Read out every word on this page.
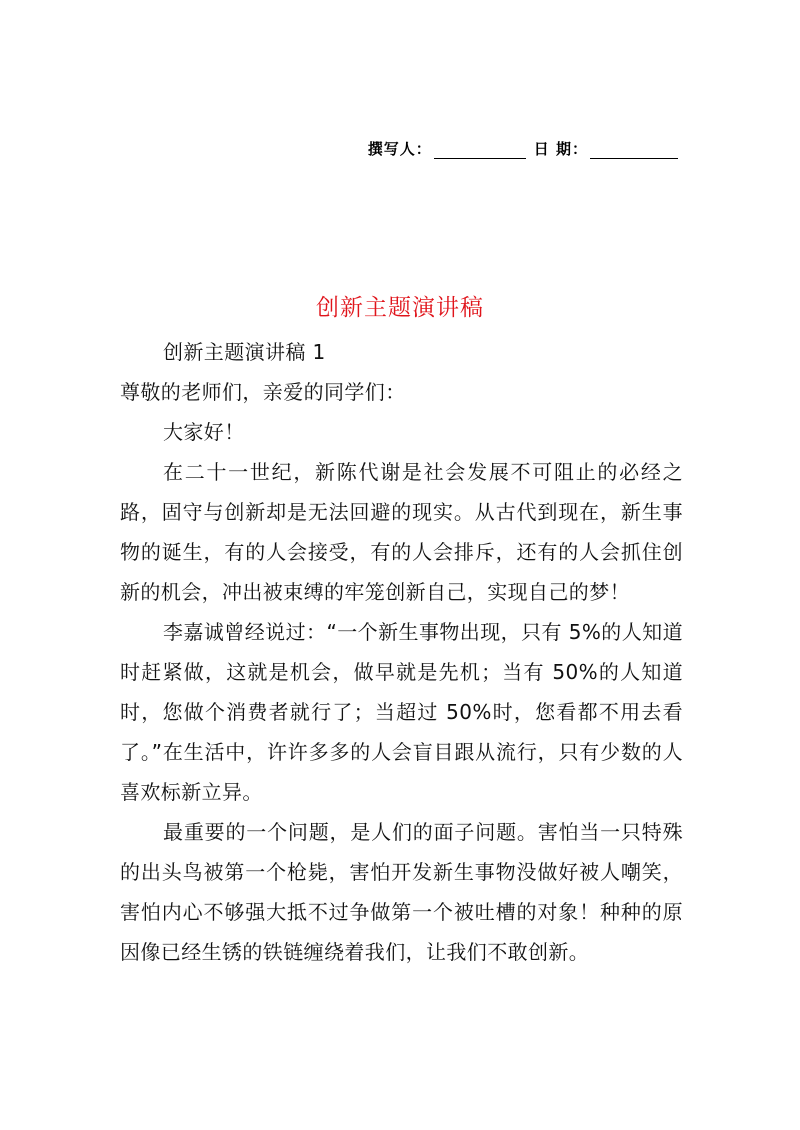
撰写人：	日 期：
创新主题演讲稿

创新主题演讲稿 1

尊敬的老师们，亲爱的同学们：

大家好！

在二十一世纪，新陈代谢是社会发展不可阻止的必经之路，固守与创新却是无法回避的现实。从古代到现在，新生事物的诞生，有的人会接受，有的人会排斥，还有的人会抓住创新的机会，冲出被束缚的牢笼创新自己，实现自己的梦！

李嘉诚曾经说过：“一个新生事物出现，只有 5%的人知道时赶紧做，这就是机会，做早就是先机；当有 50%的人知道时，您做个消费者就行了；当超过 50%时，您看都不用去看了。”在生活中，许许多多的人会盲目跟从流行，只有少数的人喜欢标新立异。

最重要的一个问题，是人们的面子问题。害怕当一只特殊的出头鸟被第一个枪毙，害怕开发新生事物没做好被人嘲笑，害怕内心不够强大抵不过争做第一个被吐槽的对象！种种的原因像已经生锈的铁链缠绕着我们，让我们不敢创新。
